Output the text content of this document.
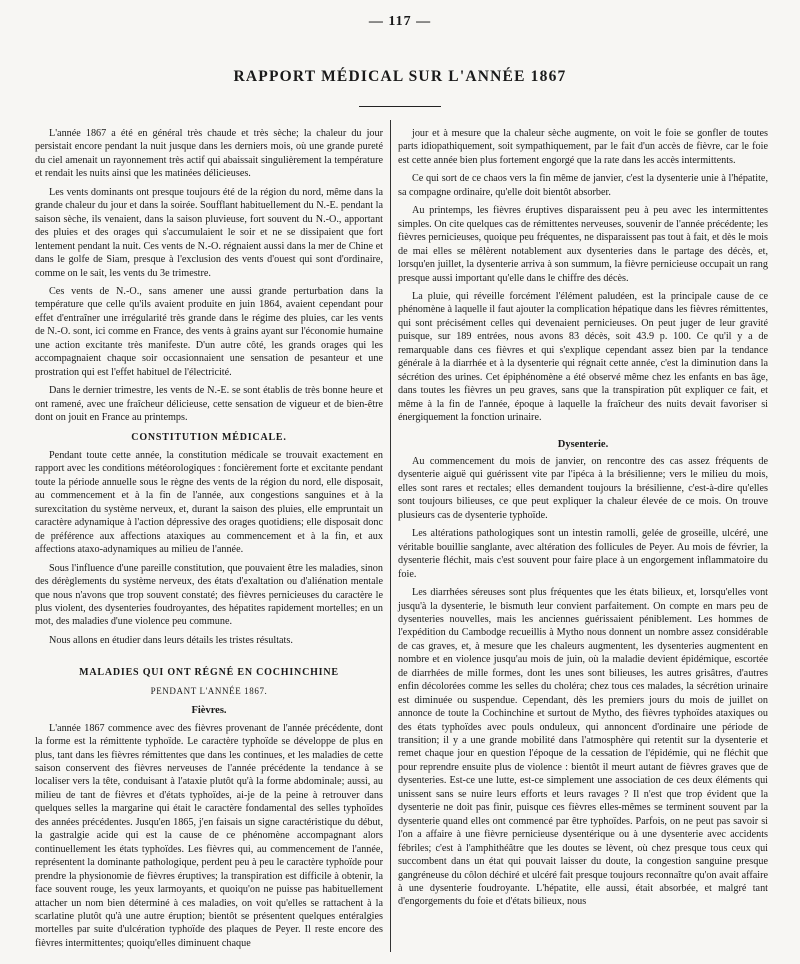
— 117 —
RAPPORT MÉDICAL SUR L'ANNÉE 1867

L'année 1867 a été en général très chaude et très sèche; la chaleur du jour persistait encore pendant la nuit jusque dans les derniers mois, où une grande pureté du ciel amenait un rayonnement très actif qui abaissait singulièrement la température et rendait les nuits ainsi que les matinées délicieuses.

Les vents dominants ont presque toujours été de la région du nord, même dans la grande chaleur du jour et dans la soirée. Soufflant habituellement du N.-E. pendant la saison sèche, ils venaient, dans la saison pluvieuse, fort souvent du N.-O., apportant des pluies et des orages qui s'accumulaient le soir et ne se dissipaient que fort lentement pendant la nuit. Ces vents de N.-O. régnaient aussi dans la mer de Chine et dans le golfe de Siam, presque à l'exclusion des vents d'ouest qui sont d'ordinaire, comme on le sait, les vents du 3e trimestre.

Ces vents de N.-O., sans amener une aussi grande perturbation dans la température que celle qu'ils avaient produite en juin 1864, avaient cependant pour effet d'entraîner une irrégularité très grande dans le régime des pluies, car les vents de N.-O. sont, ici comme en France, des vents à grains ayant sur l'économie humaine une action excitante très manifeste. D'un autre côté, les grands orages qui les accompagnaient chaque soir occasionnaient une sensation de pesanteur et une prostration qui est l'effet habituel de l'électricité.

Dans le dernier trimestre, les vents de N.-E. se sont établis de très bonne heure et ont ramené, avec une fraîcheur délicieuse, cette sensation de vigueur et de bien-être dont on jouit en France au printemps.

CONSTITUTION MÉDICALE.

Pendant toute cette année, la constitution médicale se trouvait exactement en rapport avec les conditions météorologiques : foncièrement forte et excitante pendant toute la période annuelle sous le règne des vents de la région du nord, elle disposait, au commencement et à la fin de l'année, aux congestions sanguines et à la surexcitation du système nerveux, et, durant la saison des pluies, elle empruntait un caractère adynamique à l'action dépressive des orages quotidiens; elle disposait donc de préférence aux affections ataxiques au commencement et à la fin, et aux affections ataxo-adynamiques au milieu de l'année.

Sous l'influence d'une pareille constitution, que pouvaient être les maladies, sinon des dérèglements du système nerveux, des états d'exaltation ou d'aliénation mentale que nous n'avons que trop souvent constaté; des fièvres pernicieuses du caractère le plus violent, des dysenteries foudroyantes, des hépatites rapidement mortelles; en un mot, des maladies d'une violence peu commune.

Nous allons en étudier dans leurs détails les tristes résultats.

MALADIES QUI ONT RÉGNÉ EN COCHINCHINE
PENDANT L'ANNÉE 1867.
Fièvres.

L'année 1867 commence avec des fièvres provenant de l'année précédente, dont la forme est la rémittente typhoïde. Le caractère typhoïde se développe de plus en plus, tant dans les fièvres rémittentes que dans les continues, et les maladies de cette saison conservent des fièvres nerveuses de l'année précédente la tendance à se localiser vers la tête, conduisant à l'ataxie plutôt qu'à la forme abdominale; aussi, au milieu de tant de fièvres et d'états typhoïdes, ai-je de la peine à retrouver dans quelques selles la margarine qui était le caractère fondamental des selles typhoïdes des années précédentes. Jusqu'en 1865, j'en faisais un signe caractéristique du début, la gastralgie acide qui est la cause de ce phénomène accompagnant alors continuellement les états typhoïdes. Les fièvres qui, au commencement de l'année, représentent la dominante pathologique, perdent peu à peu le caractère typhoïde pour prendre la physionomie de fièvres éruptives; la transpiration est difficile à obtenir, la face souvent rouge, les yeux larmoyants, et quoiqu'on ne puisse pas habituellement attacher un nom bien déterminé à ces maladies, on voit qu'elles se rattachent à la scarlatine plutôt qu'à une autre éruption; bientôt se présentent quelques entéralgies mortelles par suite d'ulcération typhoïde des plaques de Peyer. Il reste encore des fièvres intermittentes; quoiqu'elles diminuent chaque

jour et à mesure que la chaleur sèche augmente, on voit le foie se gonfler de toutes parts idiopathiquement, soit sympathiquement, par le fait d'un accès de fièvre, car le foie est cette année bien plus fortement engorgé que la rate dans les accès intermittents.

Ce qui sort de ce chaos vers la fin même de janvier, c'est la dysenterie unie à l'hépatite, sa compagne ordinaire, qu'elle doit bientôt absorber.

Au printemps, les fièvres éruptives disparaissent peu à peu avec les intermittentes simples. On cite quelques cas de rémittentes nerveuses, souvenir de l'année précédente; les fièvres pernicieuses, quoique peu fréquentes, ne disparaissent pas tout à fait, et dès le mois de mai elles se mêlèrent notablement aux dysenteries dans le partage des décès, et, lorsqu'en juillet, la dysenterie arriva à son summum, la fièvre pernicieuse occupait un rang presque aussi important qu'elle dans le chiffre des décès.

La pluie, qui réveille forcément l'élément paludéen, est la principale cause de ce phénomène à laquelle il faut ajouter la complication hépatique dans les fièvres rémittentes, qui sont précisément celles qui devenaient pernicieuses. On peut juger de leur gravité puisque, sur 189 entrées, nous avons 83 décès, soit 43.9 p. 100. Ce qu'il y a de remarquable dans ces fièvres et qui s'explique cependant assez bien par la tendance générale à la diarrhée et à la dysenterie qui régnait cette année, c'est la diminution dans la sécrétion des urines. Cet épiphénomène a été observé même chez les enfants en bas âge, dans toutes les fièvres un peu graves, sans que la transpiration pût expliquer ce fait, et même à la fin de l'année, époque à laquelle la fraîcheur des nuits devait favoriser si énergiquement la fonction urinaire.

Dysenterie.

Au commencement du mois de janvier, on rencontre des cas assez fréquents de dysenterie aiguë qui guérissent vite par l'ipéca à la brésilienne; vers le milieu du mois, elles sont rares et rectales; elles demandent toujours la brésilienne, c'est-à-dire qu'elles sont toujours bilieuses, ce que peut expliquer la chaleur élevée de ce mois. On trouve plusieurs cas de dysenterie typhoïde.

Les altérations pathologiques sont un intestin ramolli, gelée de groseille, ulcéré, une véritable bouillie sanglante, avec altération des follicules de Peyer. Au mois de février, la dysenterie fléchit, mais c'est souvent pour faire place à un engorgement inflammatoire du foie.

Les diarrhées séreuses sont plus fréquentes que les états bilieux, et, lorsqu'elles vont jusqu'à la dysenterie, le bismuth leur convient parfaitement. On compte en mars peu de dysenteries nouvelles, mais les anciennes guérissaient péniblement. Les hommes de l'expédition du Cambodge recueillis à Mytho nous donnent un nombre assez considérable de cas graves, et, à mesure que les chaleurs augmentent, les dysenteries augmentent en nombre et en violence jusqu'au mois de juin, où la maladie devient épidémique, escortée de diarrhées de mille formes, dont les unes sont bilieuses, les autres grisâtres, d'autres enfin décolorées comme les selles du choléra; chez tous ces malades, la sécrétion urinaire est diminuée ou suspendue. Cependant, dès les premiers jours du mois de juillet on annonce de toute la Cochinchine et surtout de Mytho, des fièvres typhoïdes ataxiques ou des états typhoïdes avec pouls onduleux, qui annoncent d'ordinaire une période de transition; il y a une grande mobilité dans l'atmosphère qui retentit sur la dysenterie et remet chaque jour en question l'époque de la cessation de l'épidémie, qui ne fléchit que pour reprendre ensuite plus de violence : bientôt il meurt autant de fièvres graves que de dysenteries. Est-ce une lutte, est-ce simplement une association de ces deux éléments qui unissent sans se nuire leurs efforts et leurs ravages ? Il n'est que trop évident que la dysenterie ne doit pas finir, puisque ces fièvres elles-mêmes se terminent souvent par la dysenterie quand elles ont commencé par être typhoïdes. Parfois, on ne peut pas savoir si l'on a affaire à une fièvre pernicieuse dysentérique ou à une dysenterie avec accidents fébriles; c'est à l'amphithéâtre que les doutes se lèvent, où chez presque tous ceux qui succombent dans un état qui pouvait laisser du doute, la congestion sanguine presque gangréneuse du côlon déchiré et ulcéré fait presque toujours reconnaître qu'on avait affaire à une dysenterie foudroyante. L'hépatite, elle aussi, était absorbée, et malgré tant d'engorgements du foie et d'états bilieux, nous
